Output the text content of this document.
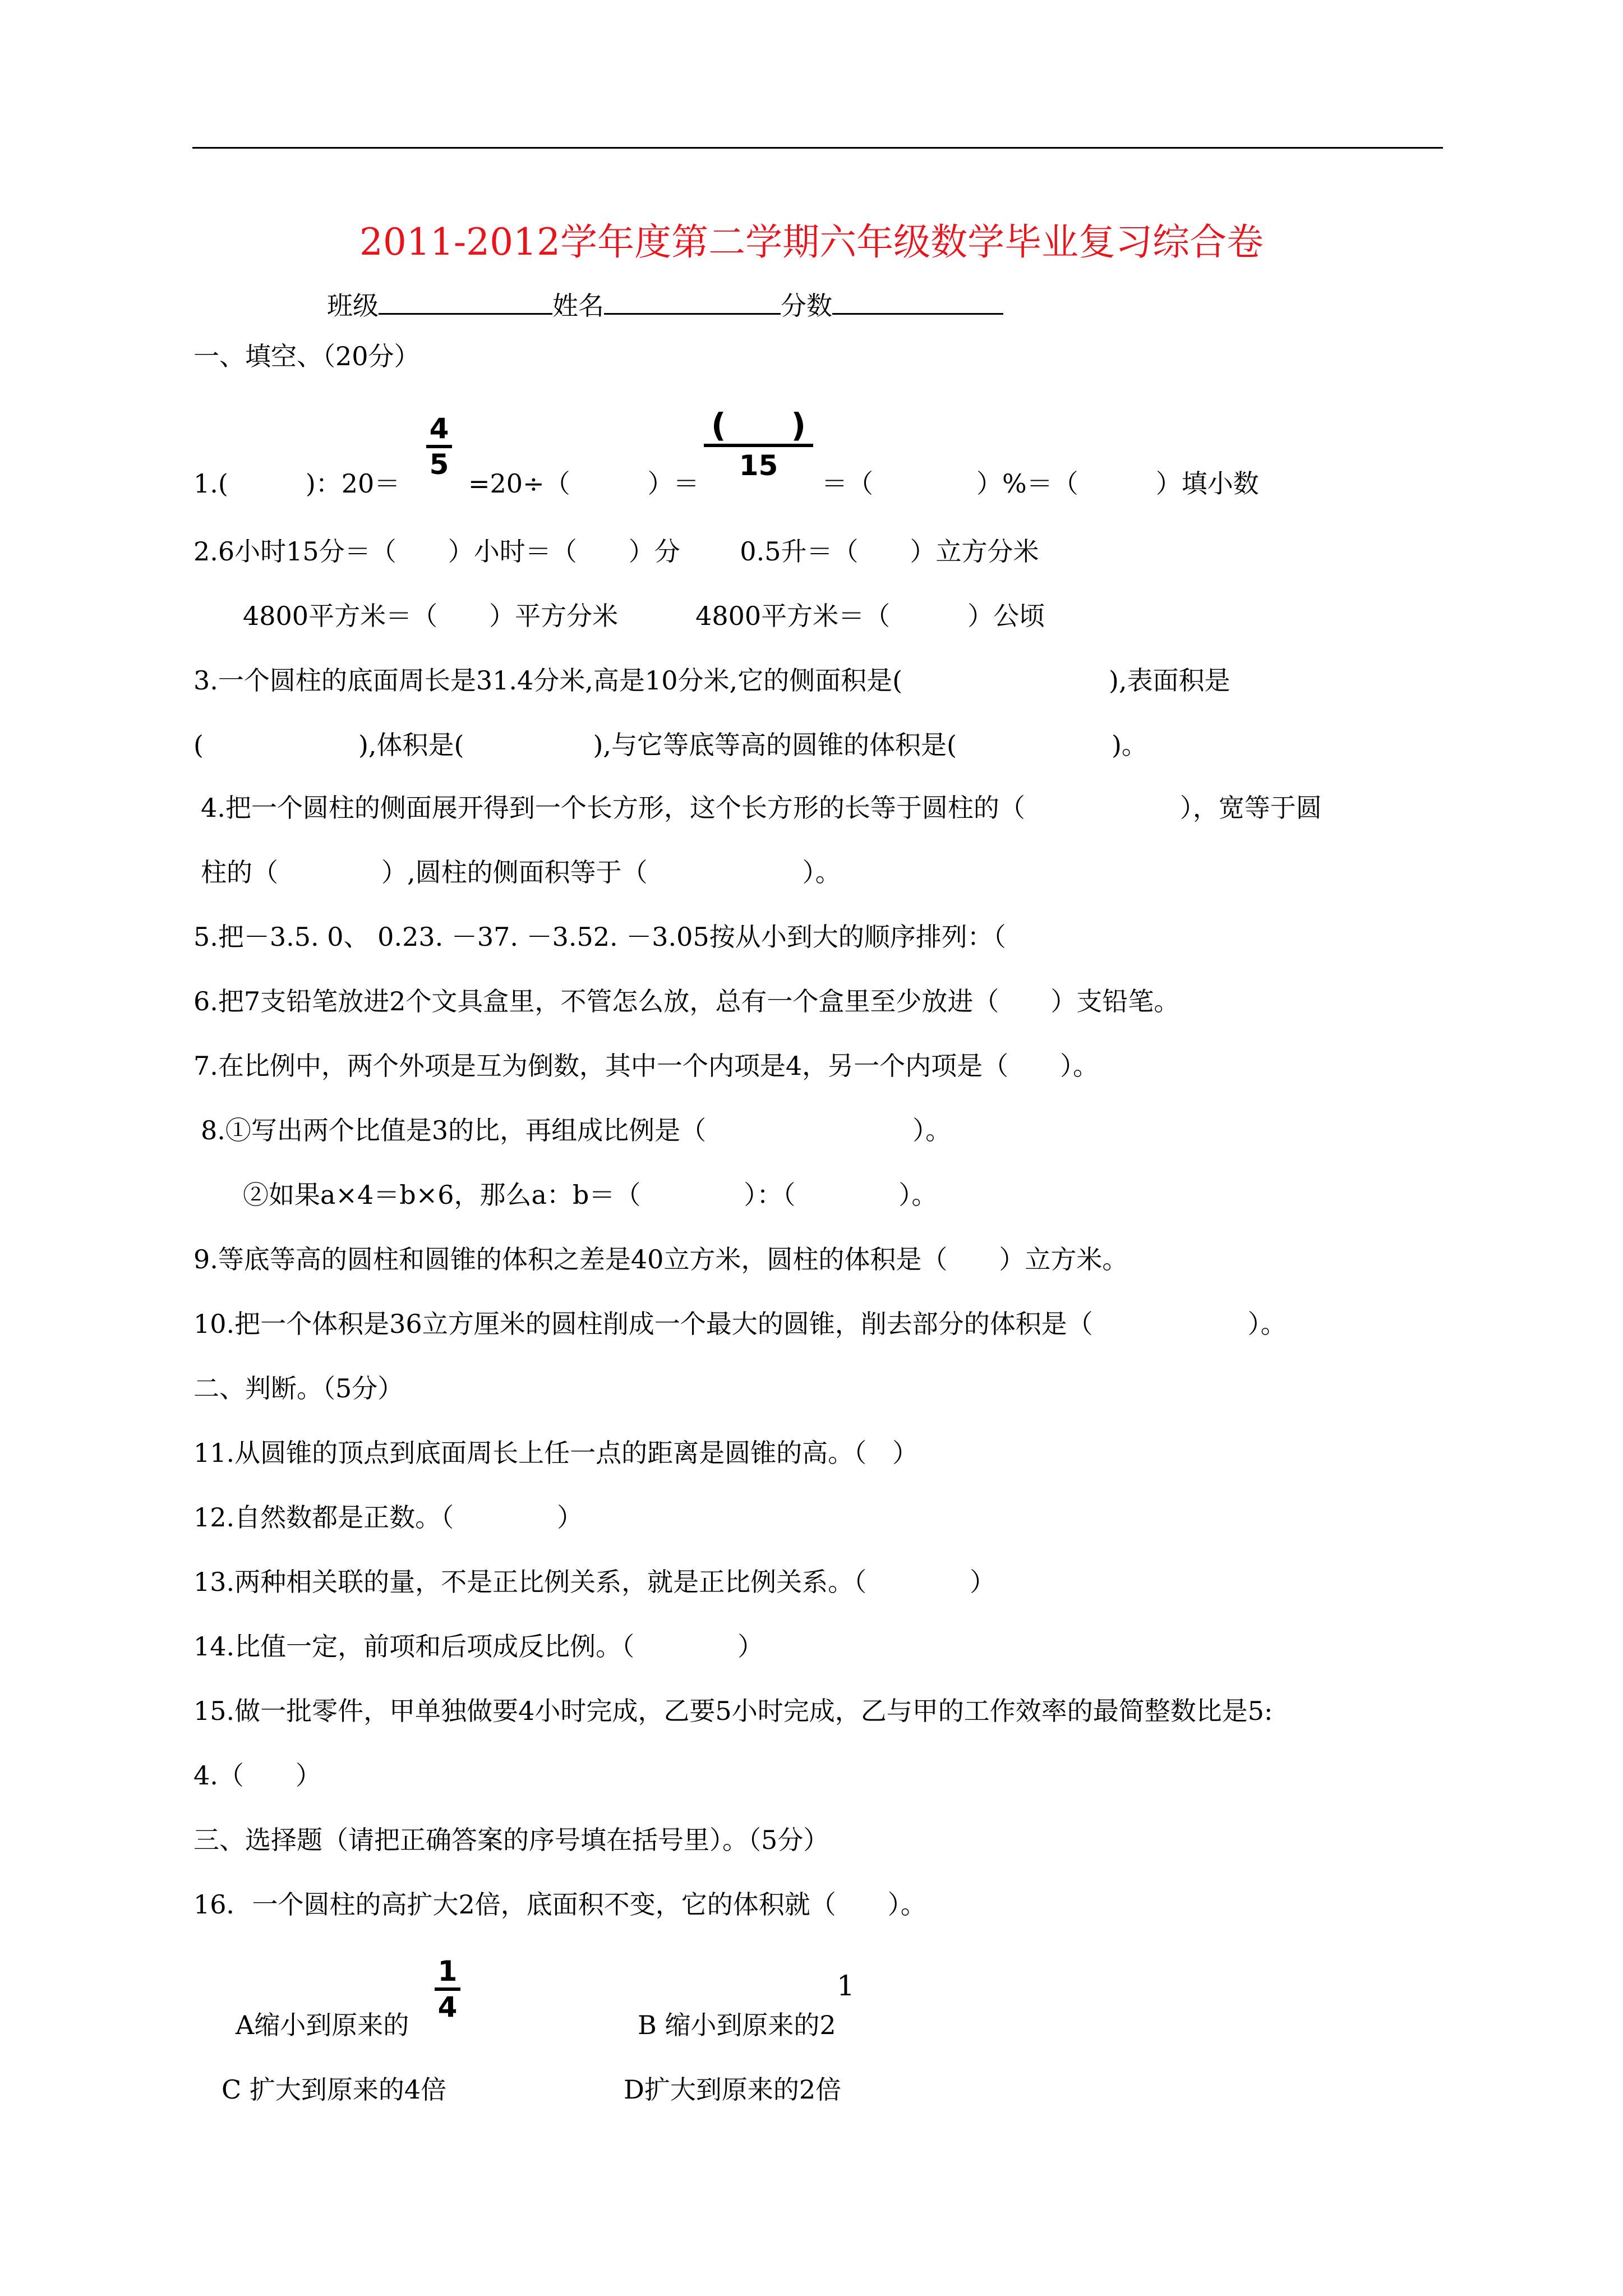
2011-2012学年度第二学期六年级数学毕业复习综合卷
班级	姓名	分数
一、填空、（20分）
1.(　　　)：20＝
4
5
=20÷（　　　）＝
(　　)
15
＝（　　　　）%＝（　　　）填小数
2.6小时15分＝（　　）小时＝（　　）分　　 0.5升＝（　　）立方分米
4800平方米＝（　　）平方分米　　　4800平方米＝（　　　）公顷
3.一个圆柱的底面周长是31.4分米,高是10分米,它的侧面积是(　　　　　　　　),表面积是
(　　　　　　),体积是(　　　　　),与它等底等高的圆锥的体积是(　　　　　　)。
4.把一个圆柱的侧面展开得到一个长方形，这个长方形的长等于圆柱的（　　　　　　），宽等于圆
柱的（　　　　）,圆柱的侧面积等于（　　　　　　）。
5.把－3.5. 0、 0.23. －37. －3.52. －3.05按从小到大的顺序排列：（
6.把7支铅笔放进2个文具盒里，不管怎么放，总有一个盒里至少放进（　　）支铅笔。
7.在比例中，两个外项是互为倒数，其中一个内项是4，另一个内项是（　　）。
8.①写出两个比值是3的比，再组成比例是（　　　　　　　　）。
②如果a×4＝b×6，那么a：b＝（　　　　）：（　　　　）。
9.等底等高的圆柱和圆锥的体积之差是40立方米，圆柱的体积是（　　）立方米。
10.把一个体积是36立方厘米的圆柱削成一个最大的圆锥，削去部分的体积是（　　　　　　）。
二、判断。（5分）
11.从圆锥的顶点到底面周长上任一点的距离是圆锥的高。（　）
12.自然数都是正数。（　　　　）
13.两种相关联的量，不是正比例关系，就是正比例关系。（　　　　）
14.比值一定，前项和后项成反比例。（　　　　）
15.做一批零件，甲单独做要4小时完成，乙要5小时完成，乙与甲的工作效率的最简整数比是5:
4.（　　）
三、选择题（请把正确答案的序号填在括号里）。（5分）
16．一个圆柱的高扩大2倍，底面积不变，它的体积就（　　）。
A缩小到原来的
1
4
1
B 缩小到原来的2
C 扩大到原来的4倍	D扩大到原来的2倍
